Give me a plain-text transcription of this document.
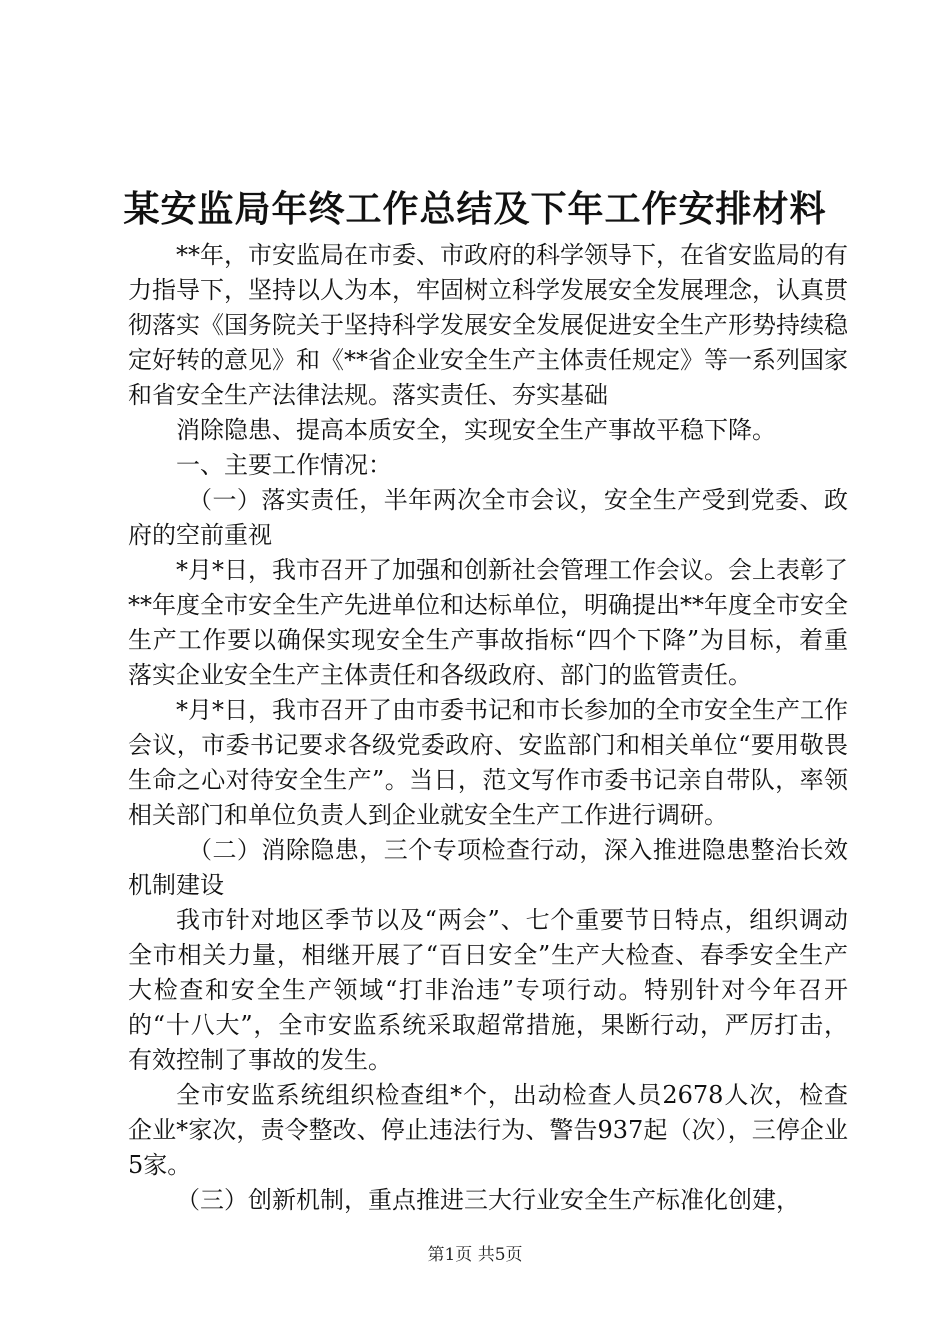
某安监局年终工作总结及下年工作安排材料

**年，市安监局在市委、市政府的科学领导下，在省安监局的有力指导下，坚持以人为本，牢固树立科学发展安全发展理念，认真贯彻落实《国务院关于坚持科学发展安全发展促进安全生产形势持续稳定好转的意见》和《**省企业安全生产主体责任规定》等一系列国家和省安全生产法律法规。落实责任、夯实基础

消除隐患、提高本质安全，实现安全生产事故平稳下降。

一、主要工作情况：

（一）落实责任，半年两次全市会议，安全生产受到党委、政府的空前重视

*月*日，我市召开了加强和创新社会管理工作会议。会上表彰了**年度全市安全生产先进单位和达标单位，明确提出**年度全市安全生产工作要以确保实现安全生产事故指标“四个下降”为目标，着重落实企业安全生产主体责任和各级政府、部门的监管责任。

*月*日，我市召开了由市委书记和市长参加的全市安全生产工作会议，市委书记要求各级党委政府、安监部门和相关单位“要用敬畏生命之心对待安全生产”。当日，范文写作市委书记亲自带队，率领相关部门和单位负责人到企业就安全生产工作进行调研。

（二）消除隐患，三个专项检查行动，深入推进隐患整治长效机制建设

我市针对地区季节以及“两会”、七个重要节日特点，组织调动全市相关力量，相继开展了“百日安全”生产大检查、春季安全生产大检查和安全生产领域“打非治违”专项行动。特别针对今年召开的“十八大”，全市安监系统采取超常措施，果断行动，严厉打击，有效控制了事故的发生。

全市安监系统组织检查组*个，出动检查人员2678人次，检查企业*家次，责令整改、停止违法行为、警告937起（次），三停企业5家。

（三）创新机制，重点推进三大行业安全生产标准化创建，

第1页 共5页
